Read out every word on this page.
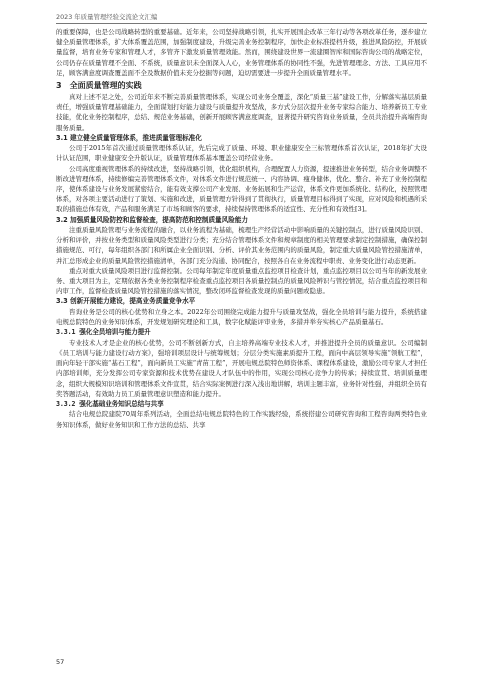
2023 年质量管理经验交流论文汇编

的重要保障，也是公司战略转型的重要基础。近年来，公司坚持战略引领，扎实开展国企改革三年行动等各项改革任务，逐步建立健全质量管理体系，扩大体系覆盖范围，加强制度建设，升级完善业务控制程序，加快企业标准提档升级，推进风险防控，开展质量监督，培育业务专家和管理人才，多管齐下激发质量管理效能。然而，围绕建设世界一流建圈智库和国际咨询公司的战略定位，公司仍存在质量管理不全面、不系统，质量意识未全面深入人心，业务管理体系的协同性不强，先进管理理念、方法、工具应用不足，顾客满意度调查覆盖面不全及数据价值未充分挖掘等问题，迫切需要进一步提升全面质量管理水平。

3　全面质量管理的实践

真对上述不足之处，公司近年来不断完善质量管理体系，实现公司业务全覆盖，深化“质量三基”建设工作，分解落实基层质量责任，增强质量管理基础能力，全面谋划打好能力建设与质量提升攻坚战，多方式分层次提升业务专家综合能力、培养新员工专业技能，优化业务控制程序，总结、规范业务基础，创新开展顾客满意度调查，显著提升研究咨询业务质量，全员共治提升高端咨询服务质量。

3.1 建立健全质量管理体系，推进质量管理标准化

公司于2015年首次通过质量管理体系认证，先后完成了质量、环境、职业健康安全三标管理体系首次认证，2018年扩大设计认证范围，职业健康安全升版认证，质量管理体系基本覆盖公司经营业务。

公司高度重视管理体系的持续改进，坚持战略引领，优化组织机构，合理配置人力资源，提速推进业务转型，结合业务调整不断改进管理体系，持续修编完善管理体系文件，对体系文件进行规范统一、内容协调、瘦身健体，优化、整合、补充了业务控制程序，使体系建设与业务发展紧密结合，能有效支撑公司产业发展、业务拓展和生产运营，体系文件更加系统化、结构化，按照管理体系，对各项主要活动进行了策划、实施和改进，质量管理方针得到了贯彻执行，质量管理目标得到了实现，应对风险和机遇所采取的措施总体有效，产品和服务满足了市场和顾客的要求，持续保持管理体系的适宜性、充分性和有效性[3]。

3.2 加强质量风险防控和监督检查，提高防范和控制质量风险能力

注重质量风险管理与业务流程的融合，以业务流程为基础，梳理生产经营活动中影响质量的关键控制点，进行质量风险识别、分析和评价，并按业务类型和质量风险类型进行分类；充分结合管理体系文件和规章制度的相关管理要求制定控制措施，确保控制措施规范、可行，每年组织各部门和所属企业全面识别、分析、评价其业务范围内的质量风险，制定重大质量风险管控措施清单，并汇总形成企业的质量风险管控措施清单，各部门充分沟通、协同配合，按照各自在业务流程中职责、业务变化进行动态更新。

重点对重大质量风险项目进行监督控制。公司每年制定年度质量重点监控项目检查计划，重点监控项目以公司当年的新发展业务、重大项目为主，定期依据各类业务控制程序检查重点监控项目各质量控制点的质量风险辨识与管控情况，结合重点监控项目和内审工作，监督检查质量风险管控措施的落实情况，整改闭环监督检查发现的质量问题或隐患。

3.3 创新开展能力建设，提高业务质量竞争水平

咨询业务是公司的核心优势和立身之本。2022年公司围绕完成能力提升与质量攻坚战，强化全员培训与能力提升，系统搭建电规总院特色的业务知识体系，开发规划研究理论和工具，数字化赋能评审业务，多措并举夯实核心产品质量基石。

3.3.1 强化全员培训与能力提升

专业技术人才是企业的核心优势，公司不断创新方式，自主培养高端专业技术人才，并推进提升全员的质量意识。公司编制《员工培训与能力建设行动方案》，强培训项层设计与统筹规划；分层分类实施素质提升工程，面向中高层领导实施“领航工程”，面向年轻干部实施“基石工程”，面向新员工实施“青苗工程”，开展电规总院特色师资体系、课程体系建设，激励公司专家人才担任内部培训师，充分发挥公司专家资源和技术优势在建设人才队伍中的作用，实现公司核心竞争力的传承；持续宣贯、培训质量理念，组织大规模知识培训和管理体系文件宣贯，结合实际案例进行深入浅出地讲解，培训主题丰富，业务针对性强，并组织全员有奖答题活动，有效助力员工质量管理意识塑造和能力提升。

3.3.2 强化基础业务知识总结与共享

结合电规总院建院70周年系列活动，全面总结电规总院特色的工作实践经验，系统搭建公司研究咨询和工程咨询两类特色业务知识体系，做好业务知识和工作方法的总结、共享

57
